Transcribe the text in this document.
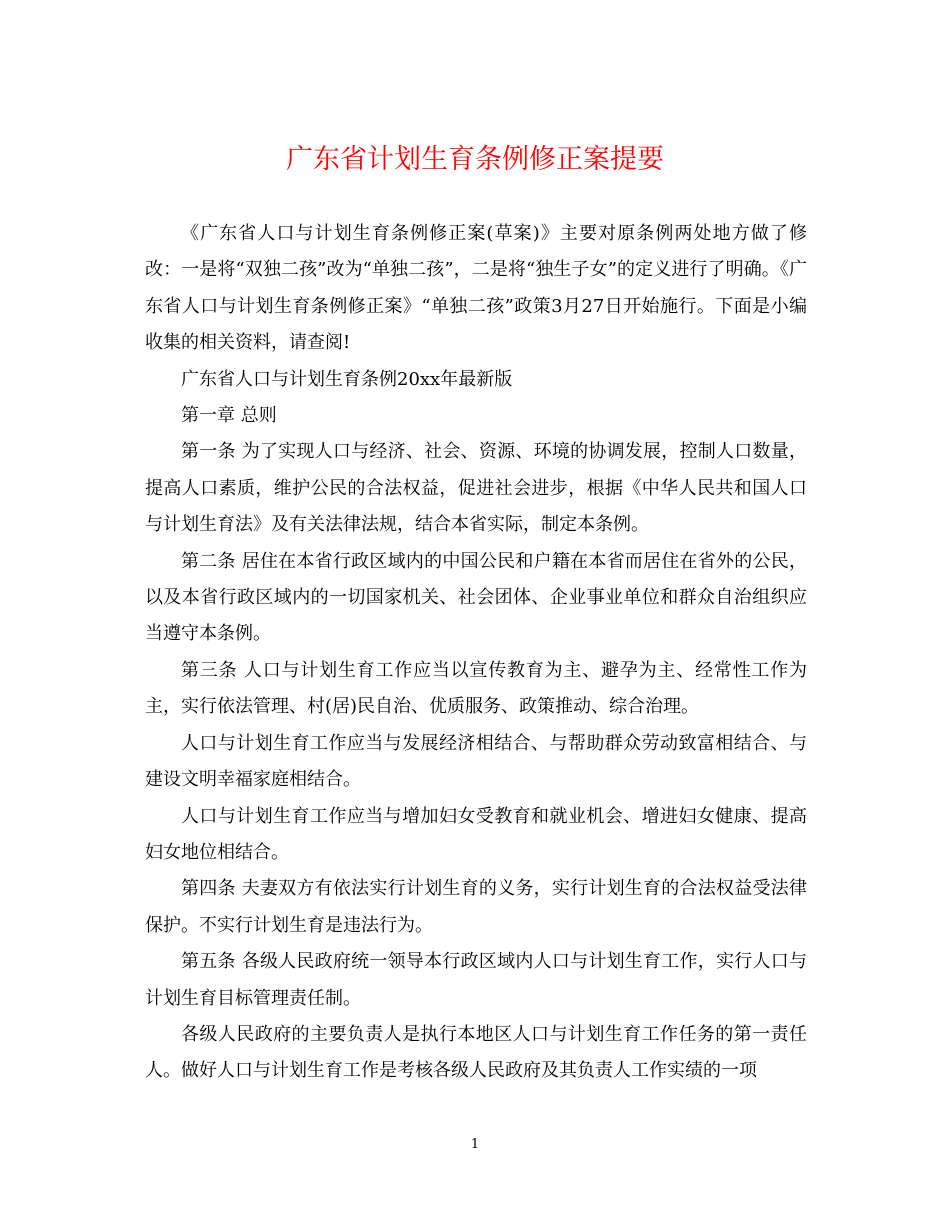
广东省计划生育条例修正案提要

《广东省人口与计划生育条例修正案(草案)》主要对原条例两处地方做了修改：一是将“双独二孩”改为“单独二孩”，二是将“独生子女”的定义进行了明确。《广东省人口与计划生育条例修正案》“单独二孩”政策3月27日开始施行。下面是小编收集的相关资料，请查阅!

广东省人口与计划生育条例20xx年最新版

第一章 总则

第一条 为了实现人口与经济、社会、资源、环境的协调发展，控制人口数量，提高人口素质，维护公民的合法权益，促进社会进步，根据《中华人民共和国人口与计划生育法》及有关法律法规，结合本省实际，制定本条例。

第二条 居住在本省行政区域内的中国公民和户籍在本省而居住在省外的公民，以及本省行政区域内的一切国家机关、社会团体、企业事业单位和群众自治组织应当遵守本条例。

第三条 人口与计划生育工作应当以宣传教育为主、避孕为主、经常性工作为主，实行依法管理、村(居)民自治、优质服务、政策推动、综合治理。

人口与计划生育工作应当与发展经济相结合、与帮助群众劳动致富相结合、与建设文明幸福家庭相结合。

人口与计划生育工作应当与增加妇女受教育和就业机会、增进妇女健康、提高妇女地位相结合。

第四条 夫妻双方有依法实行计划生育的义务，实行计划生育的合法权益受法律保护。不实行计划生育是违法行为。

第五条 各级人民政府统一领导本行政区域内人口与计划生育工作，实行人口与计划生育目标管理责任制。

各级人民政府的主要负责人是执行本地区人口与计划生育工作任务的第一责任人。做好人口与计划生育工作是考核各级人民政府及其负责人工作实绩的一项

1
